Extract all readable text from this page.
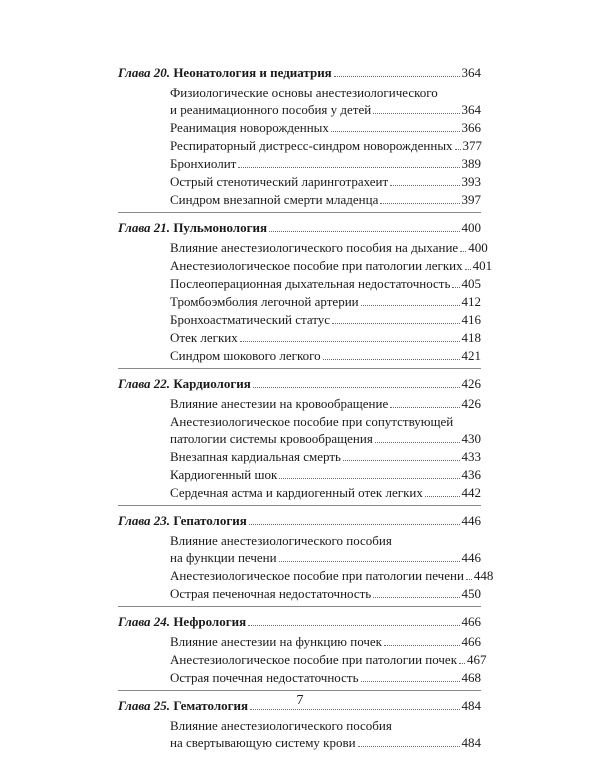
Глава 20. Неонатология и педиатрия	364
Физиологические основы анестезиологического
и реанимационного пособия у детей	364
Реанимация новорожденных	366
Респираторный дистресс-синдром новорожденных 377
Бронхиолит	389
Острый стенотический ларинготрахеит	393
Синдром внезапной смерти младенца	397
Глава 21. Пульмонология	400
Влияние анестезиологического пособия на дыхание 400
Анестезиологическое пособие при патологии легких 401
Послеоперационная дыхательная недостаточность 405
Тромбоэмболия легочной артерии	412
Бронхоастматический статус	416
Отек легких	418
Синдром шокового легкого	421
Глава 22. Кардиология	426
Влияние анестезии на кровообращение	426
Анестезиологическое пособие при сопутствующей
патологии системы кровообращения	430
Внезапная кардиальная смерть	433
Кардиогенный шок	436
Сердечная астма и кардиогенный отек легких	442
Глава 23. Гепатология	446
Влияние анестезиологического пособия
на функции печени	446
Анестезиологическое пособие при патологии печени 448
Острая печеночная недостаточность	450
Глава 24. Нефрология	466
Влияние анестезии на функцию почек	466
Анестезиологическое пособие при патологии почек 467
Острая почечная недостаточность	468
Глава 25. Гематология	484
Влияние анестезиологического пособия
на свертывающую систему крови	484
7
